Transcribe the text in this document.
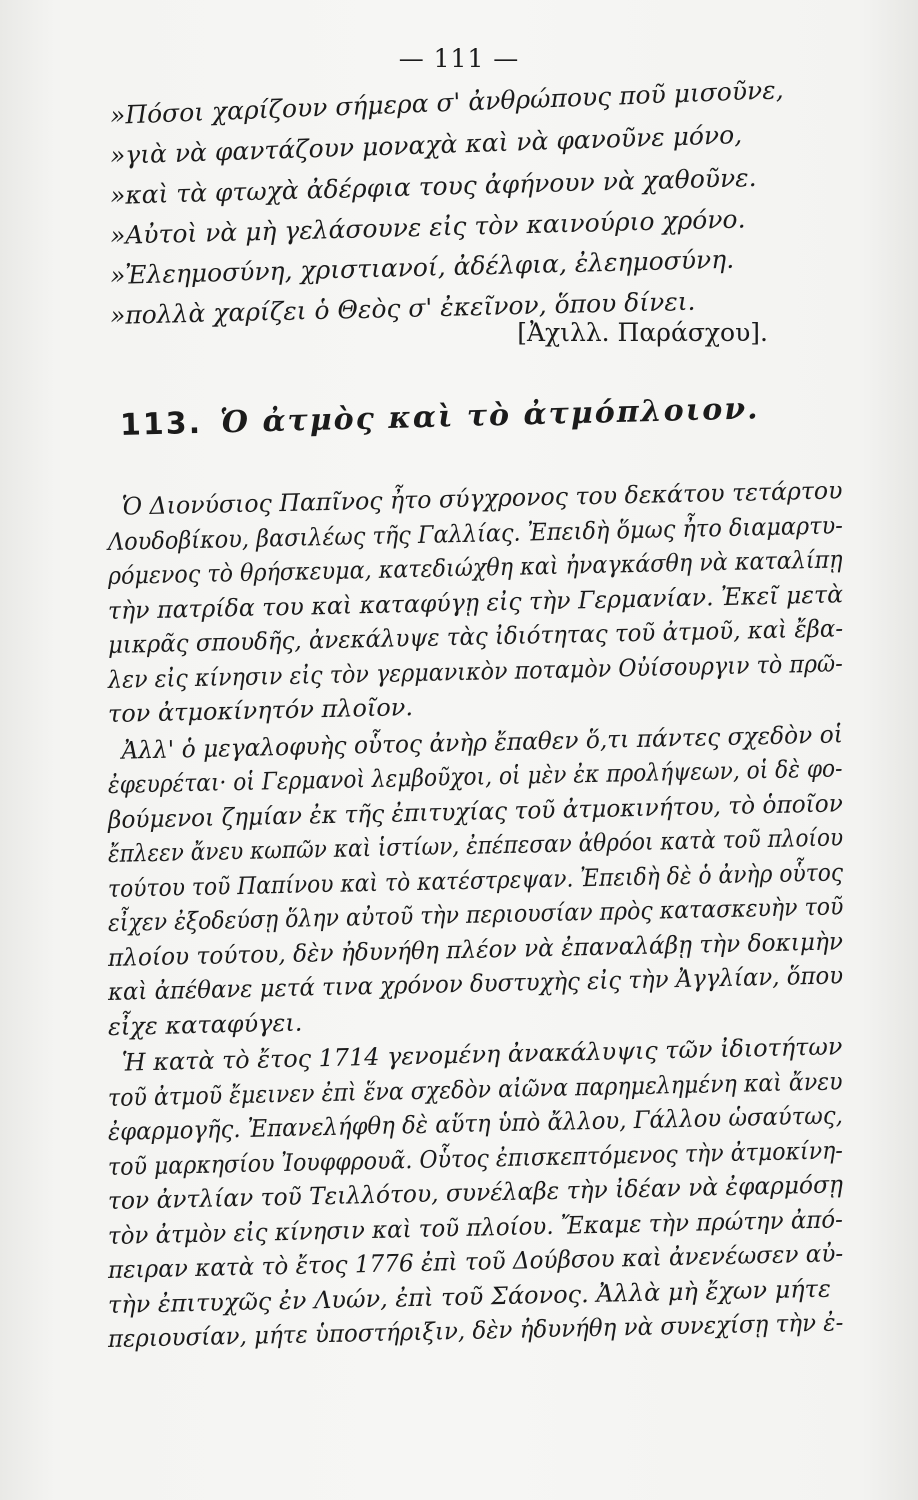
— 111 —
»Πόσοι χαρίζουν σήμερα σ' ἀνθρώπους ποῦ μισοῦνε,
»γιὰ νὰ φαντάζουν μοναχὰ καὶ νὰ φανοῦνε μόνο,
»καὶ τὰ φτωχὰ ἀδέρφια τους ἀφήνουν νὰ χαθοῦνε.
»Αὐτοὶ νὰ μὴ γελάσουνε εἰς τὸν καινούριο χρόνο.
»Ἐλεημοσύνη, χριστιανοί, ἀδέλφια, ἐλεημοσύνη.
»πολλὰ χαρίζει ὁ Θεὸς σ' ἐκεῖνον, ὅπου δίνει.
[Ἀχιλλ. Παράσχου].
113. Ὁ ἀτμὸς καὶ τὸ ἀτμόπλοιον.
Ὁ Διονύσιος Παπῖνος ἦτο σύγχρονος του δεκάτου τετάρτου
Λουδοβίκου, βασιλέως τῆς Γαλλίας. Ἐπειδὴ ὅμως ἦτο διαμαρτυ-
ρόμενος τὸ θρήσκευμα, κατεδιώχθη καὶ ἠναγκάσθη νὰ καταλίπῃ
τὴν πατρίδα του καὶ καταφύγῃ εἰς τὴν Γερμανίαν. Ἐκεῖ μετὰ
μικρᾶς σπουδῆς, ἀνεκάλυψε τὰς ἰδιότητας τοῦ ἀτμοῦ, καὶ ἔβα-
λεν εἰς κίνησιν εἰς τὸν γερμανικὸν ποταμὸν Οὐίσουργιν τὸ πρῶ-
τον ἀτμοκίνητόν πλοῖον.
Ἀλλ' ὁ μεγαλοφυὴς οὗτος ἀνὴρ ἔπαθεν ὅ,τι πάντες σχεδὸν οἱ
ἐφευρέται· οἱ Γερμανοὶ λεμβοῦχοι, οἱ μὲν ἐκ προλήψεων, οἱ δὲ φο-
βούμενοι ζημίαν ἐκ τῆς ἐπιτυχίας τοῦ ἀτμοκινήτου, τὸ ὁποῖον
ἔπλεεν ἄνευ κωπῶν καὶ ἱστίων, ἐπέπεσαν ἀθρόοι κατὰ τοῦ πλοίου
τούτου τοῦ Παπίνου καὶ τὸ κατέστρεψαν. Ἐπειδὴ δὲ ὁ ἀνὴρ οὗτος
εἶχεν ἐξοδεύσῃ ὅλην αὐτοῦ τὴν περιουσίαν πρὸς κατασκευὴν τοῦ
πλοίου τούτου, δὲν ἠδυνήθη πλέον νὰ ἐπαναλάβῃ τὴν δοκιμὴν
καὶ ἀπέθανε μετά τινα χρόνον δυστυχὴς εἰς τὴν Ἀγγλίαν, ὅπου
εἶχε καταφύγει.
Ἡ κατὰ τὸ ἔτος 1714 γενομένη ἀνακάλυψις τῶν ἰδιοτήτων
τοῦ ἀτμοῦ ἔμεινεν ἐπὶ ἕνα σχεδὸν αἰῶνα παρημελημένη καὶ ἄνευ
ἐφαρμογῆς. Ἐπανελήφθη δὲ αὕτη ὑπὸ ἄλλου, Γάλλου ὡσαύτως,
τοῦ μαρκησίου Ἰουφφρουᾶ. Οὗτος ἐπισκεπτόμενος τὴν ἀτμοκίνη-
τον ἀντλίαν τοῦ Τειλλότου, συνέλαβε τὴν ἰδέαν νὰ ἐφαρμόσῃ
τὸν ἀτμὸν εἰς κίνησιν καὶ τοῦ πλοίου. Ἔκαμε τὴν πρώτην ἀπό-
πειραν κατὰ τὸ ἔτος 1776 ἐπὶ τοῦ Δούβσου καὶ ἀνενέωσεν αὐ-
τὴν ἐπιτυχῶς ἐν Λυών, ἐπὶ τοῦ Σάονος. Ἀλλὰ μὴ ἔχων μήτε
περιουσίαν, μήτε ὑποστήριξιν, δὲν ἠδυνήθη νὰ συνεχίσῃ τὴν ἐ-
